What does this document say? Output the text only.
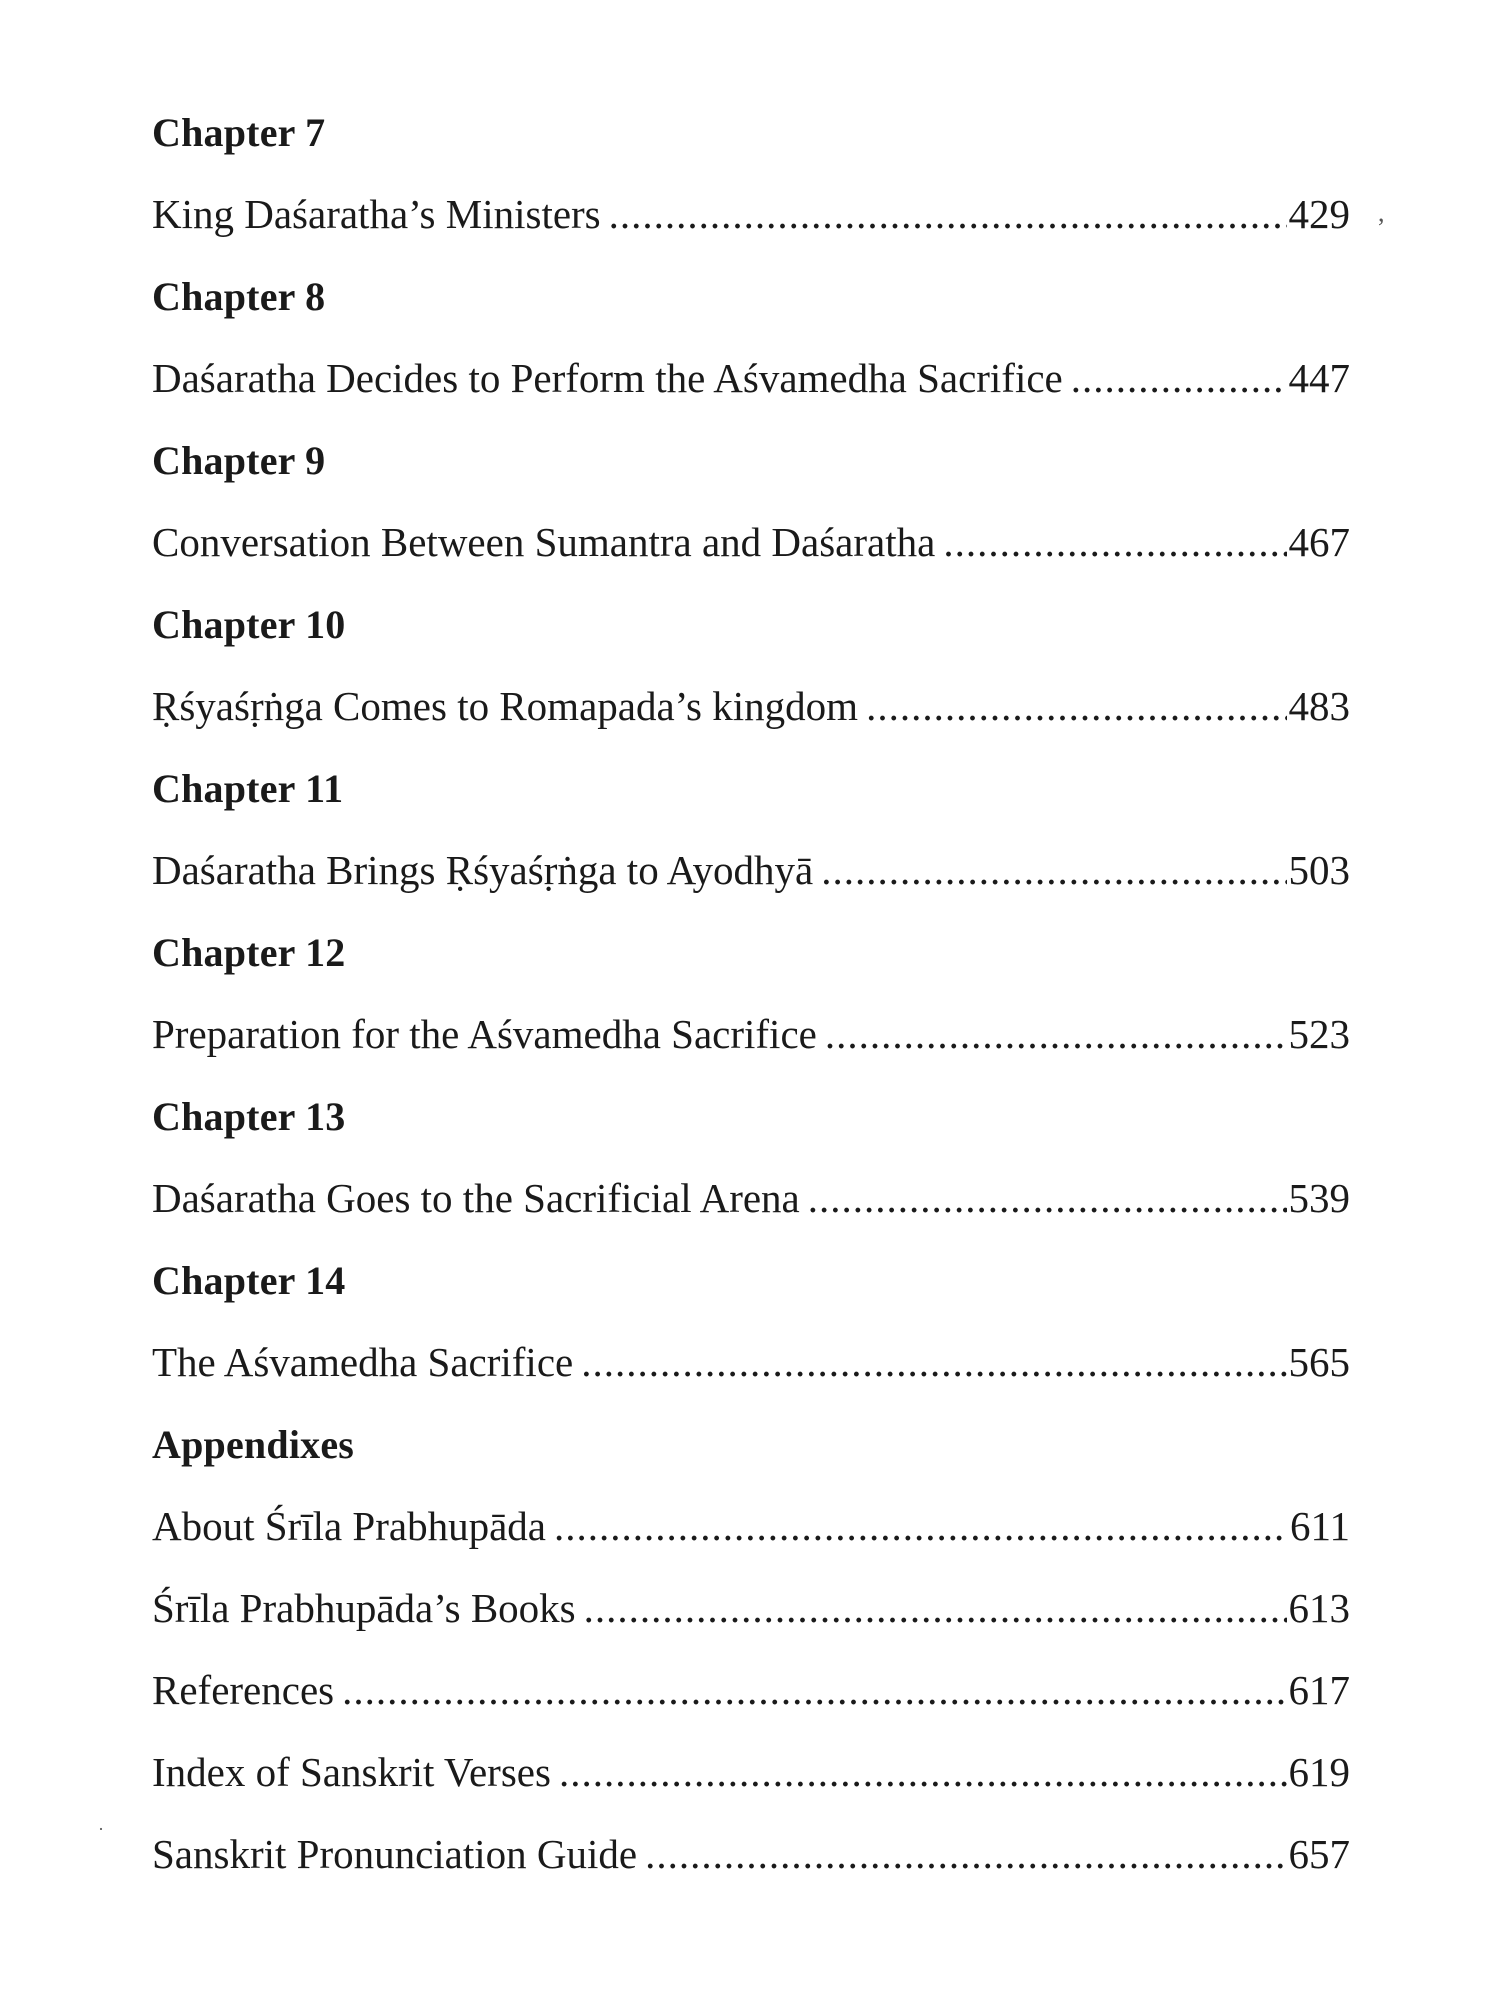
Chapter 7
King Daśaratha’s Ministers .....	429
Chapter 8
Daśaratha Decides to Perform the Aśvamedha Sacrifice .....	447
Chapter 9
Conversation Between Sumantra and Daśaratha .....	467
Chapter 10
Ṛśyaśṛṅga Comes to Romapada’s kingdom .....	483
Chapter 11
Daśaratha Brings Ṛśyaśṛṅga to Ayodhyā .....	503
Chapter 12
Preparation for the Aśvamedha Sacrifice .....	523
Chapter 13
Daśaratha Goes to the Sacrificial Arena .....	539
Chapter 14
The Aśvamedha Sacrifice .....	565
Appendixes
About Śrīla Prabhupāda .....	611
Śrīla Prabhupāda’s Books .....	613
References .....	617
Index of Sanskrit Verses .....	619
Sanskrit Pronunciation Guide .....	657
,
·
